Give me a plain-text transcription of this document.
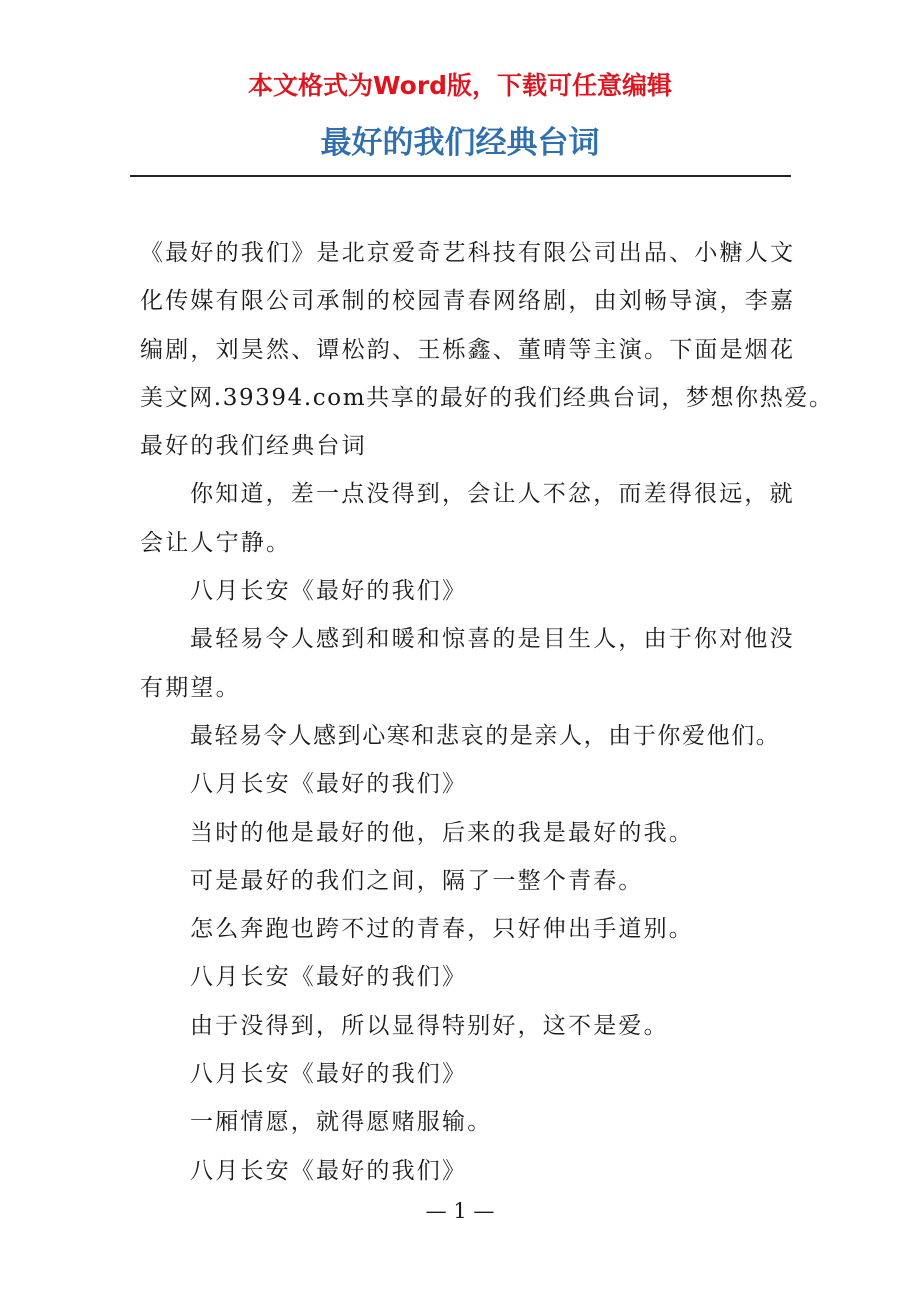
本文格式为Word版，下载可任意编辑
最好的我们经典台词
《最好的我们》是北京爱奇艺科技有限公司出品、小糖人文
化传媒有限公司承制的校园青春网络剧，由刘畅导演，李嘉
编剧，刘昊然、谭松韵、王栎鑫、董晴等主演。下面是烟花
美文网.39394.com共享的最好的我们经典台词，梦想你热爱。
最好的我们经典台词
你知道，差一点没得到，会让人不忿，而差得很远，就
会让人宁静。
八月长安《最好的我们》
最轻易令人感到和暖和惊喜的是目生人，由于你对他没
有期望。
最轻易令人感到心寒和悲哀的是亲人，由于你爱他们。
八月长安《最好的我们》
当时的他是最好的他，后来的我是最好的我。
可是最好的我们之间，隔了一整个青春。
怎么奔跑也跨不过的青春，只好伸出手道别。
八月长安《最好的我们》
由于没得到，所以显得特别好，这不是爱。
八月长安《最好的我们》
一厢情愿，就得愿赌服输。
八月长安《最好的我们》
— 1 —
